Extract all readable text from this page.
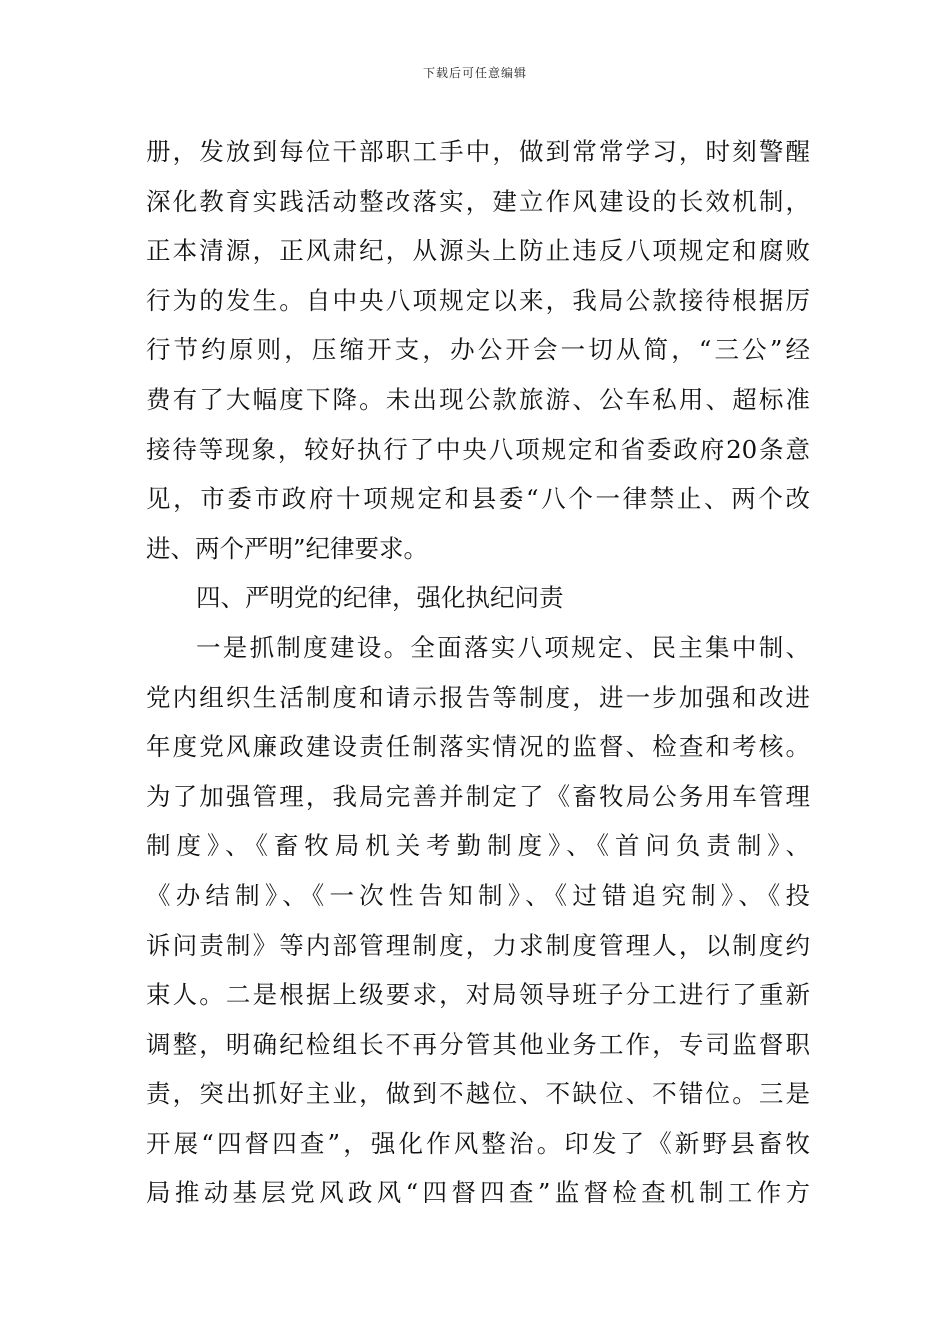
下载后可任意编辑
册，发放到每位干部职工手中，做到常常学习，时刻警醒
深化教育实践活动整改落实，建立作风建设的长效机制，
正本清源，正风肃纪，从源头上防止违反八项规定和腐败
行为的发生。自中央八项规定以来，我局公款接待根据厉
行节约原则，压缩开支，办公开会一切从简，“三公”经
费有了大幅度下降。未出现公款旅游、公车私用、超标准
接待等现象，较好执行了中央八项规定和省委政府20条意
见，市委市政府十项规定和县委“八个一律禁止、两个改
进、两个严明”纪律要求。
四、严明党的纪律，强化执纪问责
一是抓制度建设。全面落实八项规定、民主集中制、
党内组织生活制度和请示报告等制度，进一步加强和改进
年度党风廉政建设责任制落实情况的监督、检查和考核。
为了加强管理，我局完善并制定了《畜牧局公务用车管理
制度》、《畜牧局机关考勤制度》、《首问负责制》、
《办结制》、《一次性告知制》、《过错追究制》、《投
诉问责制》等内部管理制度，力求制度管理人，以制度约
束人。二是根据上级要求，对局领导班子分工进行了重新
调整，明确纪检组长不再分管其他业务工作，专司监督职
责，突出抓好主业，做到不越位、不缺位、不错位。三是
开展“四督四查”，强化作风整治。印发了《新野县畜牧
局推动基层党风政风“四督四查”监督检查机制工作方
